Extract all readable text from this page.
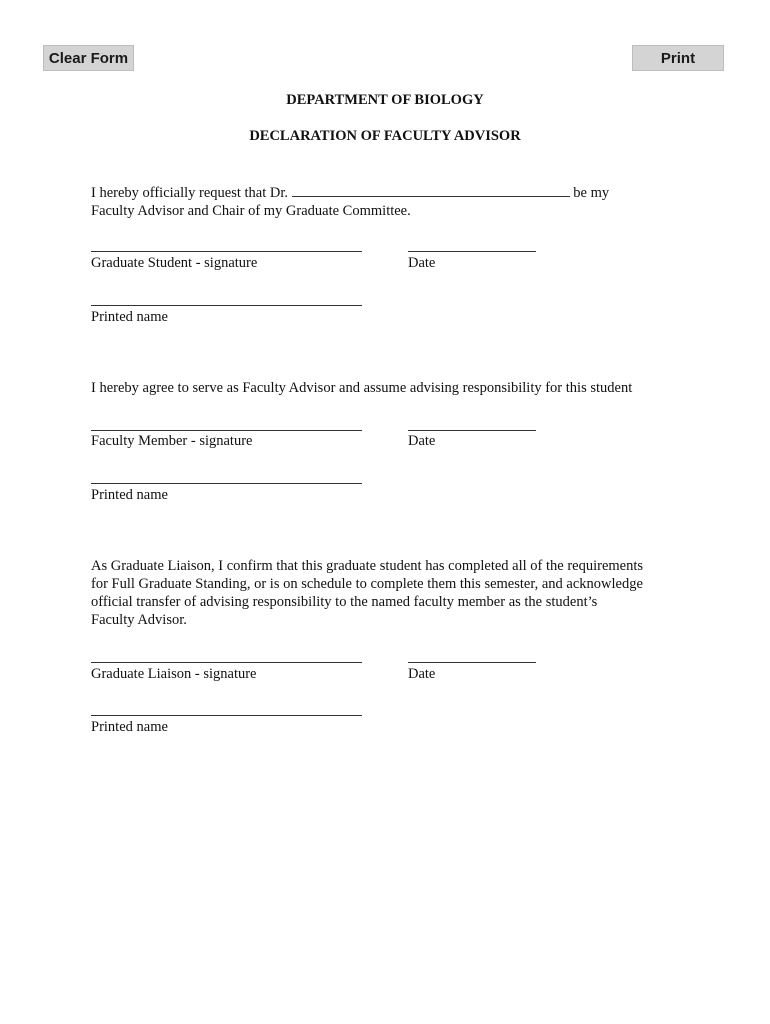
Clear Form	Print
DEPARTMENT OF BIOLOGY
DECLARATION OF FACULTY ADVISOR
I hereby officially request that Dr.	be my
Faculty Advisor and Chair of my Graduate Committee.
Graduate Student - signature	Date
Printed name
I hereby agree to serve as Faculty Advisor and assume advising responsibility for this student
Faculty Member - signature	Date
Printed name
As Graduate Liaison, I confirm that this graduate student has completed all of the requirements
for Full Graduate Standing, or is on schedule to complete them this semester, and acknowledge
official transfer of advising responsibility to the named faculty member as the student’s
Faculty Advisor.
Graduate Liaison - signature	Date
Printed name
